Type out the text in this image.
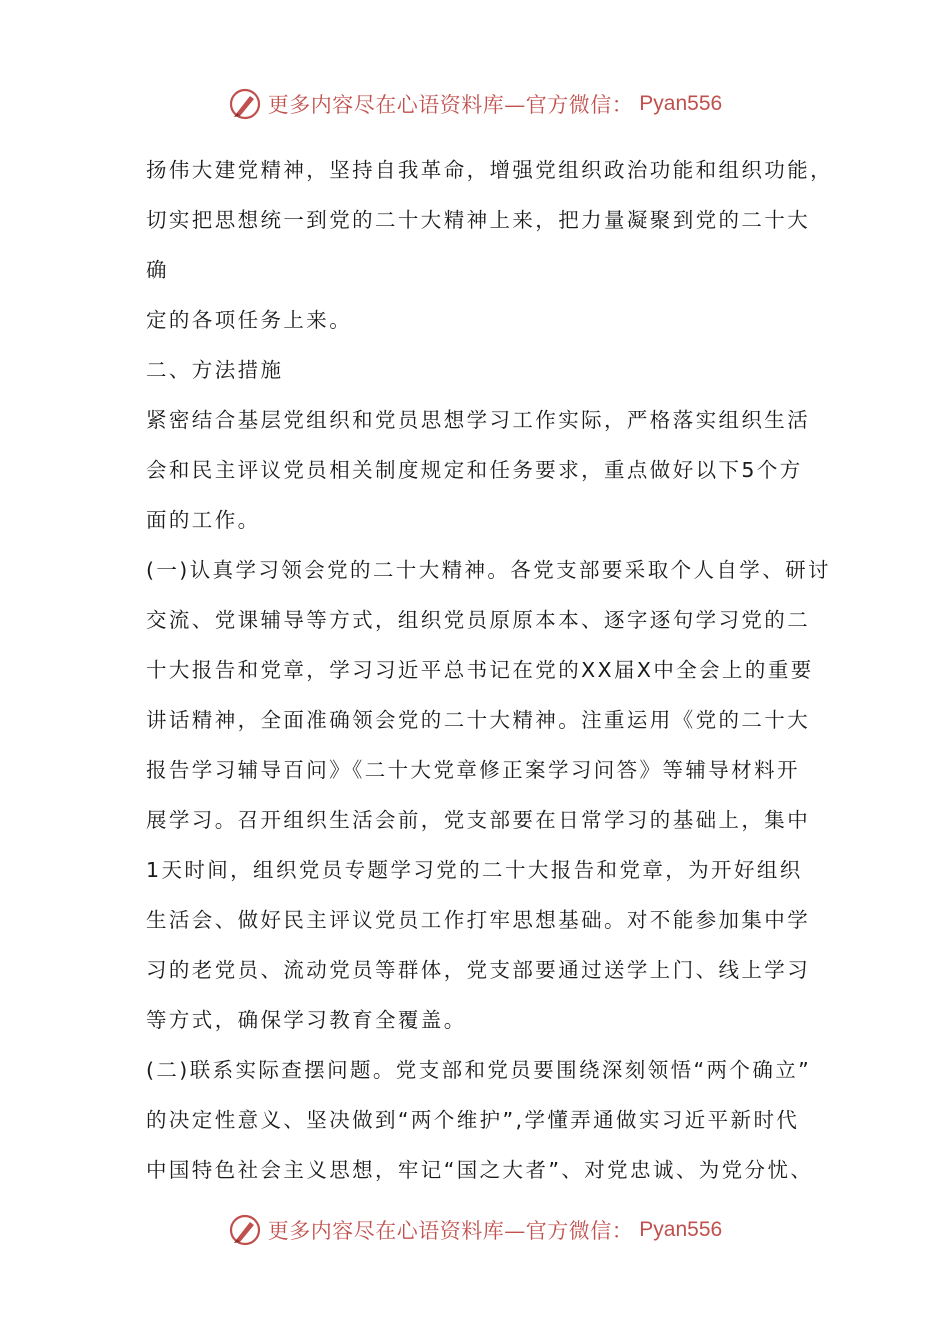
更多内容尽在心语资料库—官方微信： Pyan556
扬伟大建党精神，坚持自我革命，增强党组织政治功能和组织功能，
切实把思想统一到党的二十大精神上来，把力量凝聚到党的二十大
确
定的各项任务上来。
二、方法措施
紧密结合基层党组织和党员思想学习工作实际，严格落实组织生活
会和民主评议党员相关制度规定和任务要求，重点做好以下5个方
面的工作。
(一)认真学习领会党的二十大精神。各党支部要采取个人自学、研讨
交流、党课辅导等方式，组织党员原原本本、逐字逐句学习党的二
十大报告和党章，学习习近平总书记在党的XX届X中全会上的重要
讲话精神，全面准确领会党的二十大精神。注重运用《党的二十大
报告学习辅导百问》《二十大党章修正案学习问答》等辅导材料开
展学习。召开组织生活会前，党支部要在日常学习的基础上，集中
1天时间，组织党员专题学习党的二十大报告和党章，为开好组织
生活会、做好民主评议党员工作打牢思想基础。对不能参加集中学
习的老党员、流动党员等群体，党支部要通过送学上门、线上学习
等方式，确保学习教育全覆盖。
(二)联系实际查摆问题。党支部和党员要围绕深刻领悟“两个确立”
的决定性意义、坚决做到“两个维护”,学懂弄通做实习近平新时代
中国特色社会主义思想，牢记“国之大者”、对党忠诚、为党分忧、
更多内容尽在心语资料库—官方微信： Pyan556
